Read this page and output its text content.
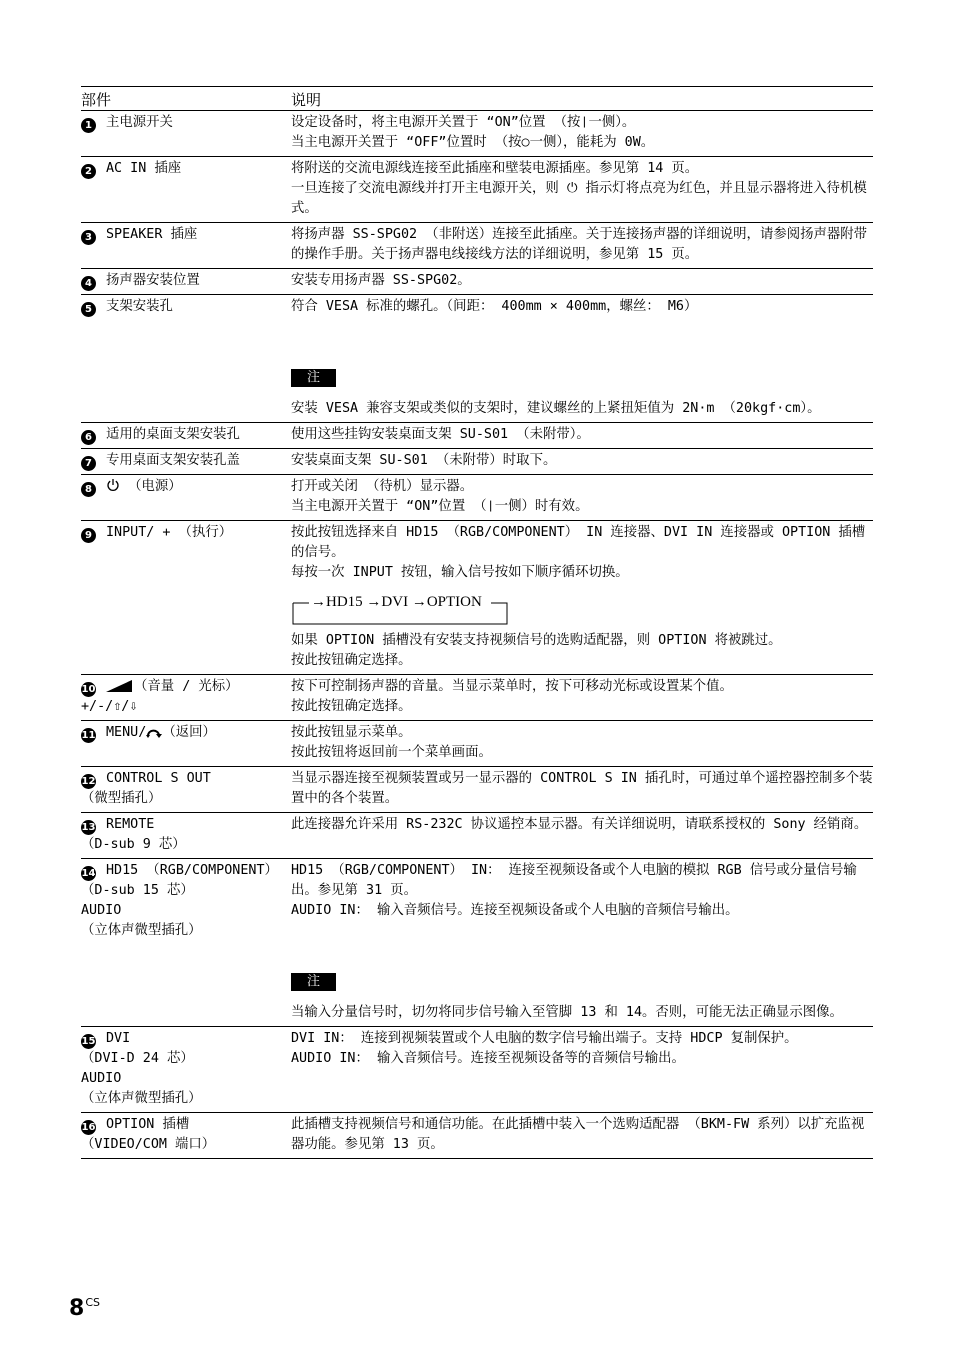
部件	说明
1 主电源开关	设定设备时，将主电源开关置于 “ON”位置 （按❘一侧）。
当主电源开关置于 “OFF”位置时 （按○一侧），能耗为 0W。

2 AC IN 插座	将附送的交流电源线连接至此插座和壁装电源插座。参见第 14 页。
一旦连接了交流电源线并打开主电源开关，则 ⏻ 指示灯将点亮为红色，并且显示器将进入待机模式。

3 SPEAKER 插座	将扬声器 SS-SPG02 （非附送）连接至此插座。关于连接扬声器的详细说明，请参阅扬声器附带的操作手册。关于扬声器电线接线方法的详细说明，参见第 15 页。

4 扬声器安装位置	安装专用扬声器 SS-SPG02。

5 支架安装孔	符合 VESA 标准的螺孔。（间距： 400mm × 400mm，螺丝： M6）
注
安装 VESA 兼容支架或类似的支架时，建议螺丝的上紧扭矩值为 2N·m （20kgf·cm）。

6 适用的桌面支架安装孔	使用这些挂钩安装桌面支架 SU-S01 （未附带）。

7 专用桌面支架安装孔盖	安装桌面支架 SU-S01 （未附带）时取下。

8 （电源）	打开或关闭 （待机）显示器。
当主电源开关置于 “ON”位置 （❘一侧）时有效。

9 INPUT/ + （执行）	按此按钮选择来自 HD15 （RGB/COMPONENT） IN 连接器、DVI IN 连接器或 OPTION 插槽的信号。
每按一次 INPUT 按钮，输入信号按如下顺序循环切换。
→HD15 →DVI →OPTION
如果 OPTION 插槽没有安装支持视频信号的选购适配器，则 OPTION 将被跳过。
按此按钮确定选择。

10 （音量 / 光标）
+/-/⇧/⇩	按下可控制扬声器的音量。当显示菜单时，按下可移动光标或设置某个值。
按此按钮确定选择。

11 MENU/ （返回）	按此按钮显示菜单。
按此按钮将返回前一个菜单画面。

12 CONTROL S OUT
（微型插孔）	当显示器连接至视频装置或另一显示器的 CONTROL S IN 插孔时，可通过单个遥控器控制多个装置中的各个装置。

13 REMOTE
（D-sub 9 芯）	此连接器允许采用 RS-232C 协议遥控本显示器。有关详细说明，请联系授权的 Sony 经销商。

14 HD15 （RGB/COMPONENT）
（D-sub 15 芯）
AUDIO
（立体声微型插孔）	HD15 （RGB/COMPONENT） IN： 连接至视频设备或个人电脑的模拟 RGB 信号或分量信号输出。参见第 31 页。
AUDIO IN： 输入音频信号。连接至视频设备或个人电脑的音频信号输出。
注
当输入分量信号时，切勿将同步信号输入至管脚 13 和 14。否则，可能无法正确显示图像。

15 DVI
（DVI-D 24 芯）
AUDIO
（立体声微型插孔）	DVI IN： 连接到视频装置或个人电脑的数字信号输出端子。支持 HDCP 复制保护。
AUDIO IN： 输入音频信号。连接至视频设备等的音频信号输出。

16 OPTION 插槽
（VIDEO/COM 端口）	此插槽支持视频信号和通信功能。在此插槽中装入一个选购适配器 （BKM-FW 系列）以扩充监视器功能。参见第 13 页。
$8^{CS}$
